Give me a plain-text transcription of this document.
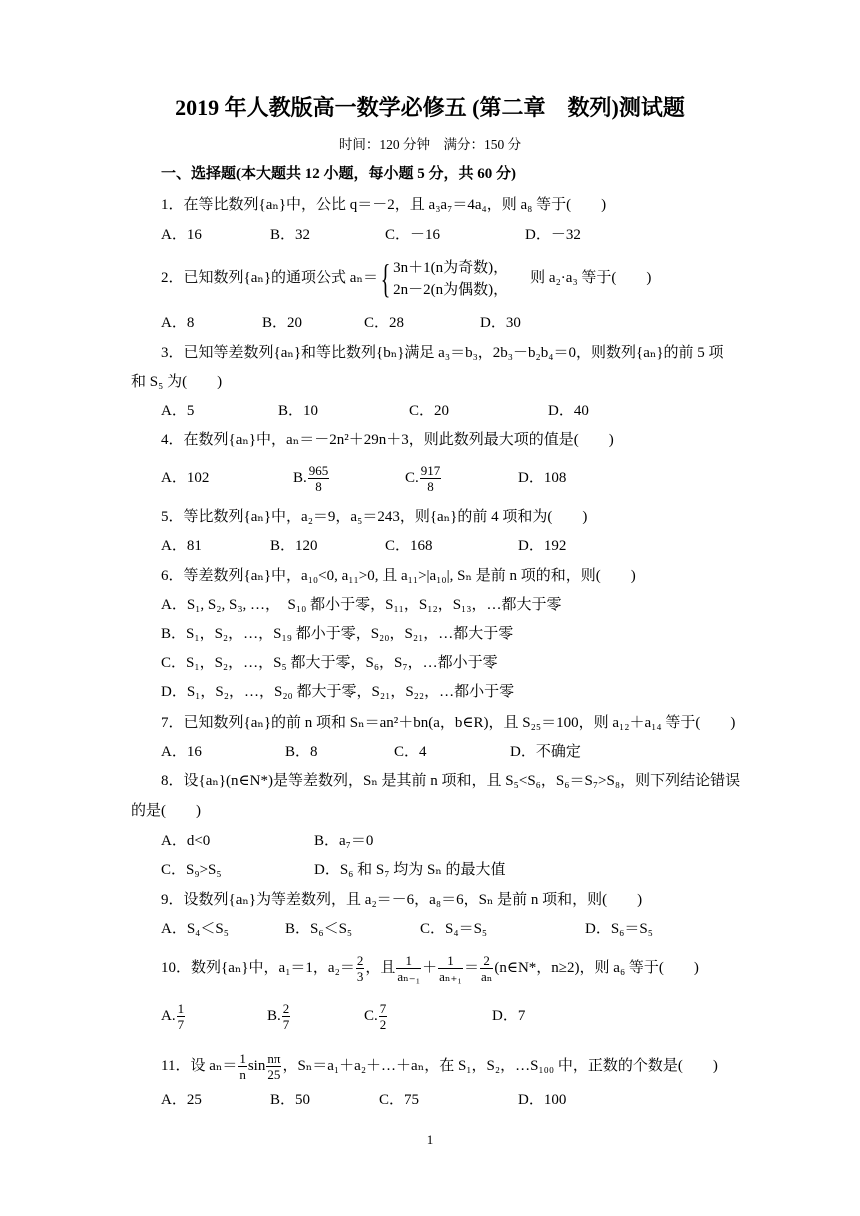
2019 年人教版高一数学必修五 (第二章　数列)测试题
时间：120 分钟　满分：150 分
一、选择题(本大题共 12 小题，每小题 5 分，共 60 分)
1．在等比数列{aₙ}中，公比 q＝－2，且 a₃a₇＝4a₄，则 a₈ 等于(　　)
A．16	B．32	C．－16	D．－32
2．已知数列{aₙ}的通项公式 aₙ＝{ 3n＋1(n为奇数)，
2n－2(n为偶数)，
则 a₂·a₃ 等于(　　)
A．8	B．20	C．28	D．30
3．已知等差数列{aₙ}和等比数列{bₙ}满足 a₃＝b₃，2b₃－b₂b₄＝0，则数列{aₙ}的前 5 项
和 S₅ 为(　　)
A．5	B．10	C．20	D．40
4．在数列{aₙ}中，aₙ＝－2n²＋29n＋3，则此数列最大项的值是(　　)
A．102	B. $\frac{965}{8}$	C. $\frac{917}{8}$	D．108
5．等比数列{aₙ}中，a₂＝9，a₅＝243，则{aₙ}的前 4 项和为(　　)
A．81	B．120	C．168	D．192
6．等差数列{aₙ}中，a₁₀<0, a₁₁>0, 且 a₁₁>|a₁₀|, Sₙ 是前 n 项的和，则(　　)
A．S₁, S₂, S₃, …，　S₁₀ 都小于零，S₁₁，S₁₂，S₁₃，…都大于零
B．S₁，S₂，…，S₁₉ 都小于零，S₂₀，S₂₁，…都大于零
C．S₁，S₂，…，S₅ 都大于零，S₆，S₇，…都小于零
D．S₁，S₂，…，S₂₀ 都大于零，S₂₁，S₂₂，…都小于零
7．已知数列{aₙ}的前 n 项和 Sₙ＝an²＋bn(a，b∈R)，且 S₂₅＝100，则 a₁₂＋a₁₄ 等于(　　)
A．16	B．8	C．4	D．不确定
8．设{aₙ}(n∈N*)是等差数列，Sₙ 是其前 n 项和，且 S₅<S₆，S₆＝S₇>S₈，则下列结论错误
的是(　　)
A．d<0	B．a₇＝0
C．S₉>S₅	D．S₆ 和 S₇ 均为 Sₙ 的最大值
9．设数列{aₙ}为等差数列，且 a₂＝－6，a₈＝6，Sₙ 是前 n 项和，则(　　)
A．S₄＜S₅	B．S₆＜S₅	C．S₄＝S₅	D．S₆＝S₅
10．数列{aₙ}中，a₁＝1，$a_2= \frac{2}{3}$ ，且 $\frac{1}{\text{aₙ₋₁}} + \frac{1}{\text{aₙ₊₁}} = \frac{2}{\text{aₙ}}$ (n∈N*，n≥2)，则 a₆ 等于(　　)
A. $\frac{1}{7}$	B. $\frac{2}{7}$	C. $\frac{7}{2}$	D．7
11．设 $a_n= \frac{1}{n}$ $\sin \frac{n\pi}{25}$ ，Sₙ＝a₁＋a₂＋…＋aₙ，在 S₁，S₂，…S₁₀₀ 中，正数的个数是(　　)
A．25	B．50	C．75	D．100
1
